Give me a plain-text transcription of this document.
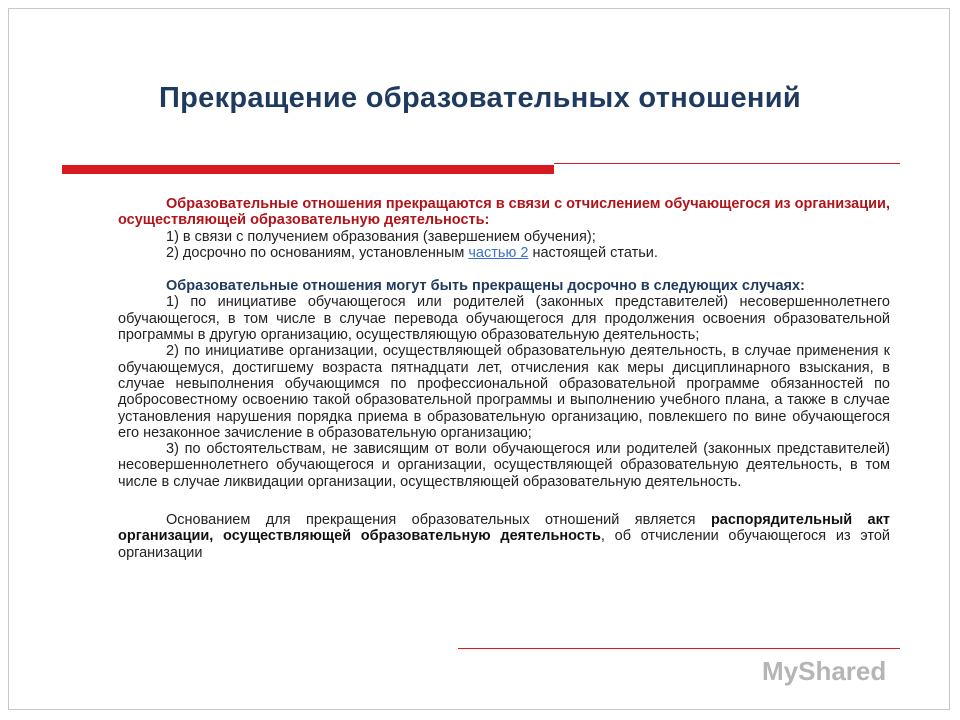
Прекращение образовательных отношений

Образовательные отношения прекращаются в связи с отчислением обучающегося из организации, осуществляющей образовательную деятельность:

1) в связи с получением образования (завершением обучения);

2) досрочно по основаниям, установленным частью 2 настоящей статьи.

Образовательные отношения могут быть прекращены досрочно в следующих случаях:

1) по инициативе обучающегося или родителей (законных представителей) несовершеннолетнего обучающегося, в том числе в случае перевода обучающегося для продолжения освоения образовательной программы в другую организацию, осуществляющую образовательную деятельность;

2) по инициативе организации, осуществляющей образовательную деятельность, в случае применения к обучающемуся, достигшему возраста пятнадцати лет, отчисления как меры дисциплинарного взыскания, в случае невыполнения обучающимся по профессиональной образовательной программе обязанностей по добросовестному освоению такой образовательной программы и выполнению учебного плана, а также в случае установления нарушения порядка приема в образовательную организацию, повлекшего по вине обучающегося его незаконное зачисление в образовательную организацию;

3) по обстоятельствам, не зависящим от воли обучающегося или родителей (законных представителей) несовершеннолетнего обучающегося и организации, осуществляющей образовательную деятельность, в том числе в случае ликвидации организации, осуществляющей образовательную деятельность.

Основанием для прекращения образовательных отношений является распорядительный акт организации, осуществляющей образовательную деятельность, об отчислении обучающегося из этой организации

MyShared
